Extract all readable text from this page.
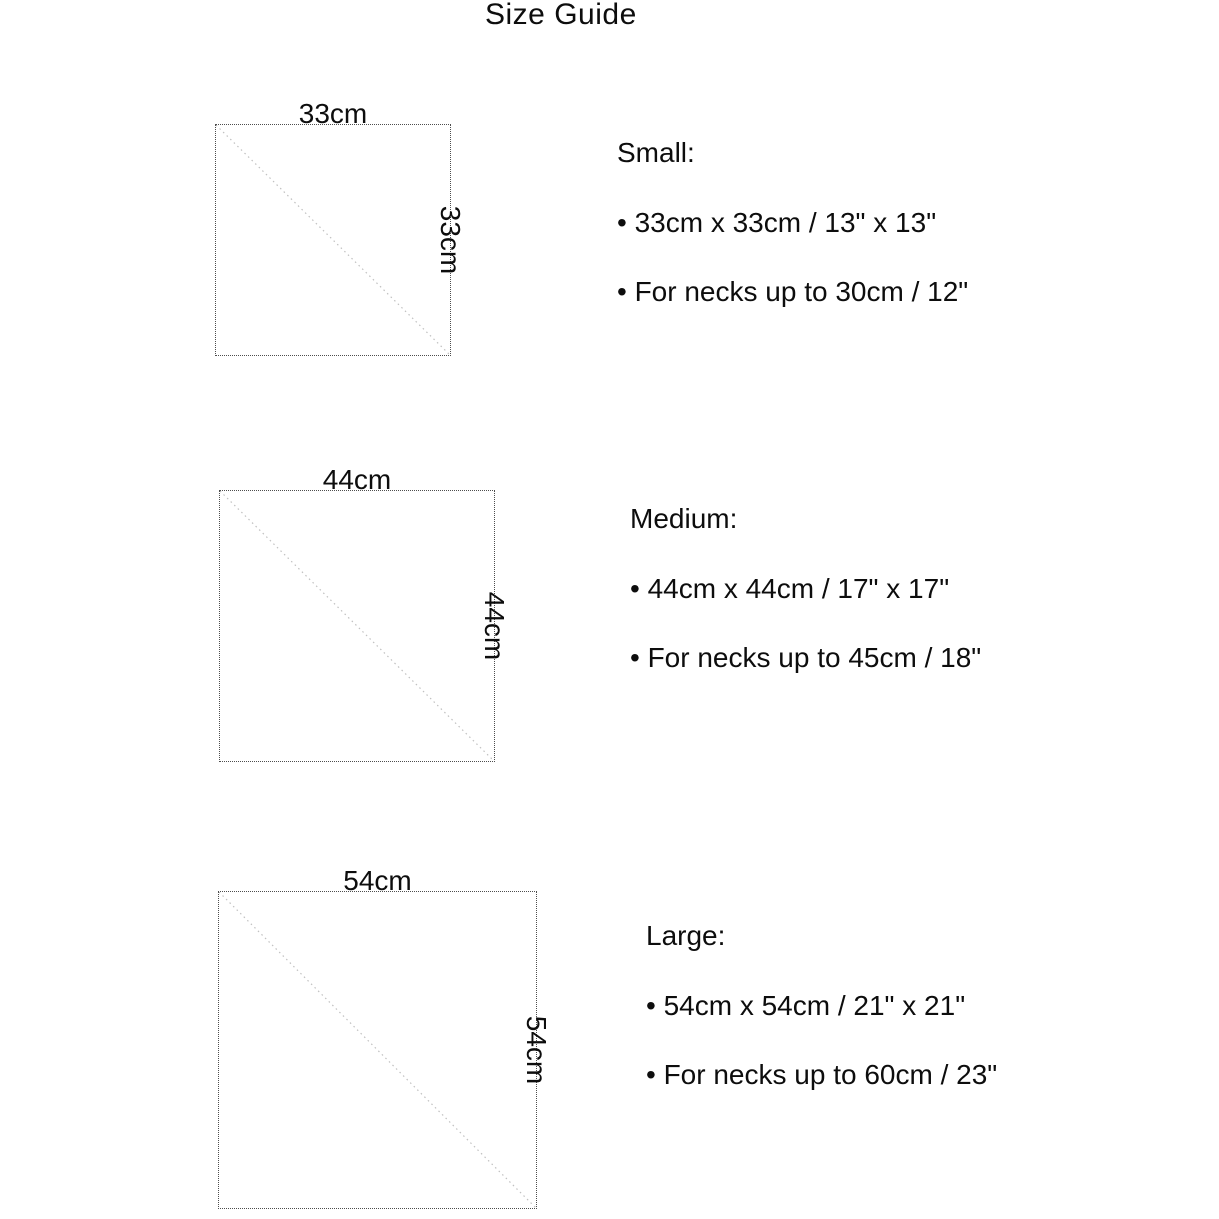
Size Guide
33cm
33cm

Small:

• 33cm x 33cm / 13" x 13"

• For necks up to 30cm / 12"

44cm
44cm

Medium:

• 44cm x 44cm / 17" x 17"

• For necks up to 45cm / 18"

54cm
54cm

Large:

• 54cm x 54cm / 21" x 21"

• For necks up to 60cm / 23"
